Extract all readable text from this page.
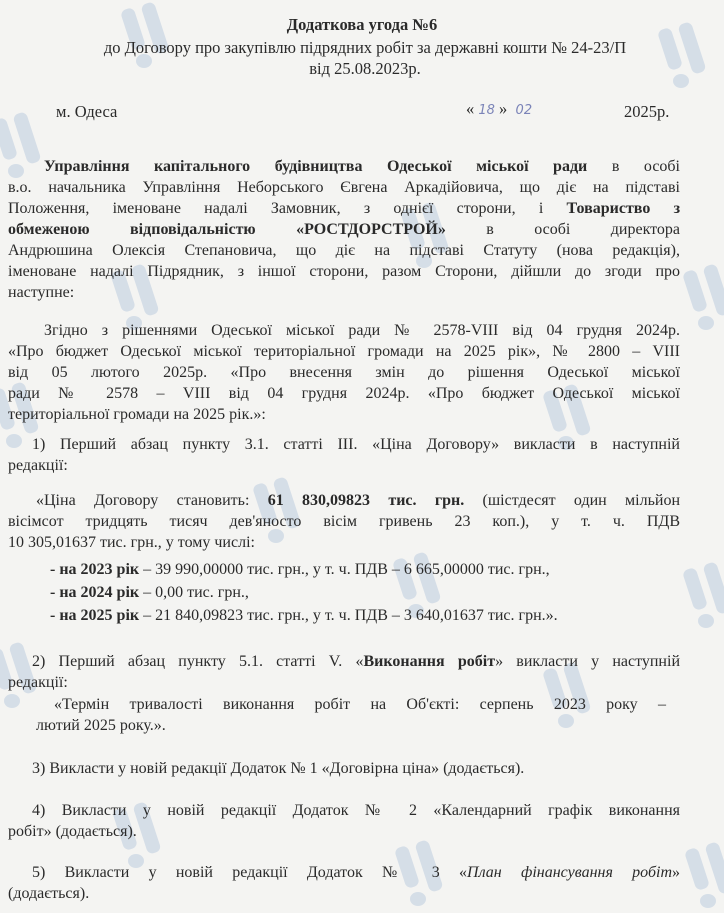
Додаткова угода №6
до Договору про закупівлю підрядних робіт за державні кошти № 24-23/П
від 25.08.2023р.
м. Одеса	« 18 » 02	2025р.
Управління капітального будівництва Одеської міської ради в особі
в.о. начальника Управління Неборського Євгена Аркадійовича, що діє на підставі
Положення, іменоване надалі Замовник, з однієї сторони, і Товариство з
обмеженою відповідальністю «РОСТДОРСТРОЙ» в особі директора
Андрюшина Олексія Степановича, що діє на підставі Статуту (нова редакція),
іменоване надалі Підрядник, з іншої сторони, разом Сторони, дійшли до згоди про
наступне:
Згідно з рішеннями Одеської міської ради № 2578-VIII від 04 грудня 2024р.
«Про бюджет Одеської міської територіальної громади на 2025 рік», № 2800 – VIII
від 05 лютого 2025р. «Про внесення змін до рішення Одеської міської
ради № 2578 – VIII від 04 грудня 2024р. «Про бюджет Одеської міської
територіальної громади на 2025 рік.»:
1) Перший абзац пункту 3.1. статті III. «Ціна Договору» викласти в наступній
редакції:
«Ціна Договору становить: 61 830,09823 тис. грн. (шістдесят один мільйон
вісімсот тридцять тисяч дев'яносто вісім гривень 23 коп.), у т. ч. ПДВ
10 305,01637 тис. грн., у тому числі:
- на 2023 рік – 39 990,00000 тис. грн., у т. ч. ПДВ – 6 665,00000 тис. грн.,
- на 2024 рік – 0,00 тис. грн.,
- на 2025 рік – 21 840,09823 тис. грн., у т. ч. ПДВ – 3 640,01637 тис. грн.».
2) Перший абзац пункту 5.1. статті V. «Виконання робіт» викласти у наступній
редакції:
«Термін тривалості виконання робіт на Об'єкті: серпень 2023 року –
лютий 2025 року.».
3) Викласти у новій редакції Додаток № 1 «Договірна ціна» (додається).
4) Викласти у новій редакції Додаток № 2 «Календарний графік виконання
робіт» (додається).
5) Викласти у новій редакції Додаток № 3 «План фінансування робіт»
(додається).
